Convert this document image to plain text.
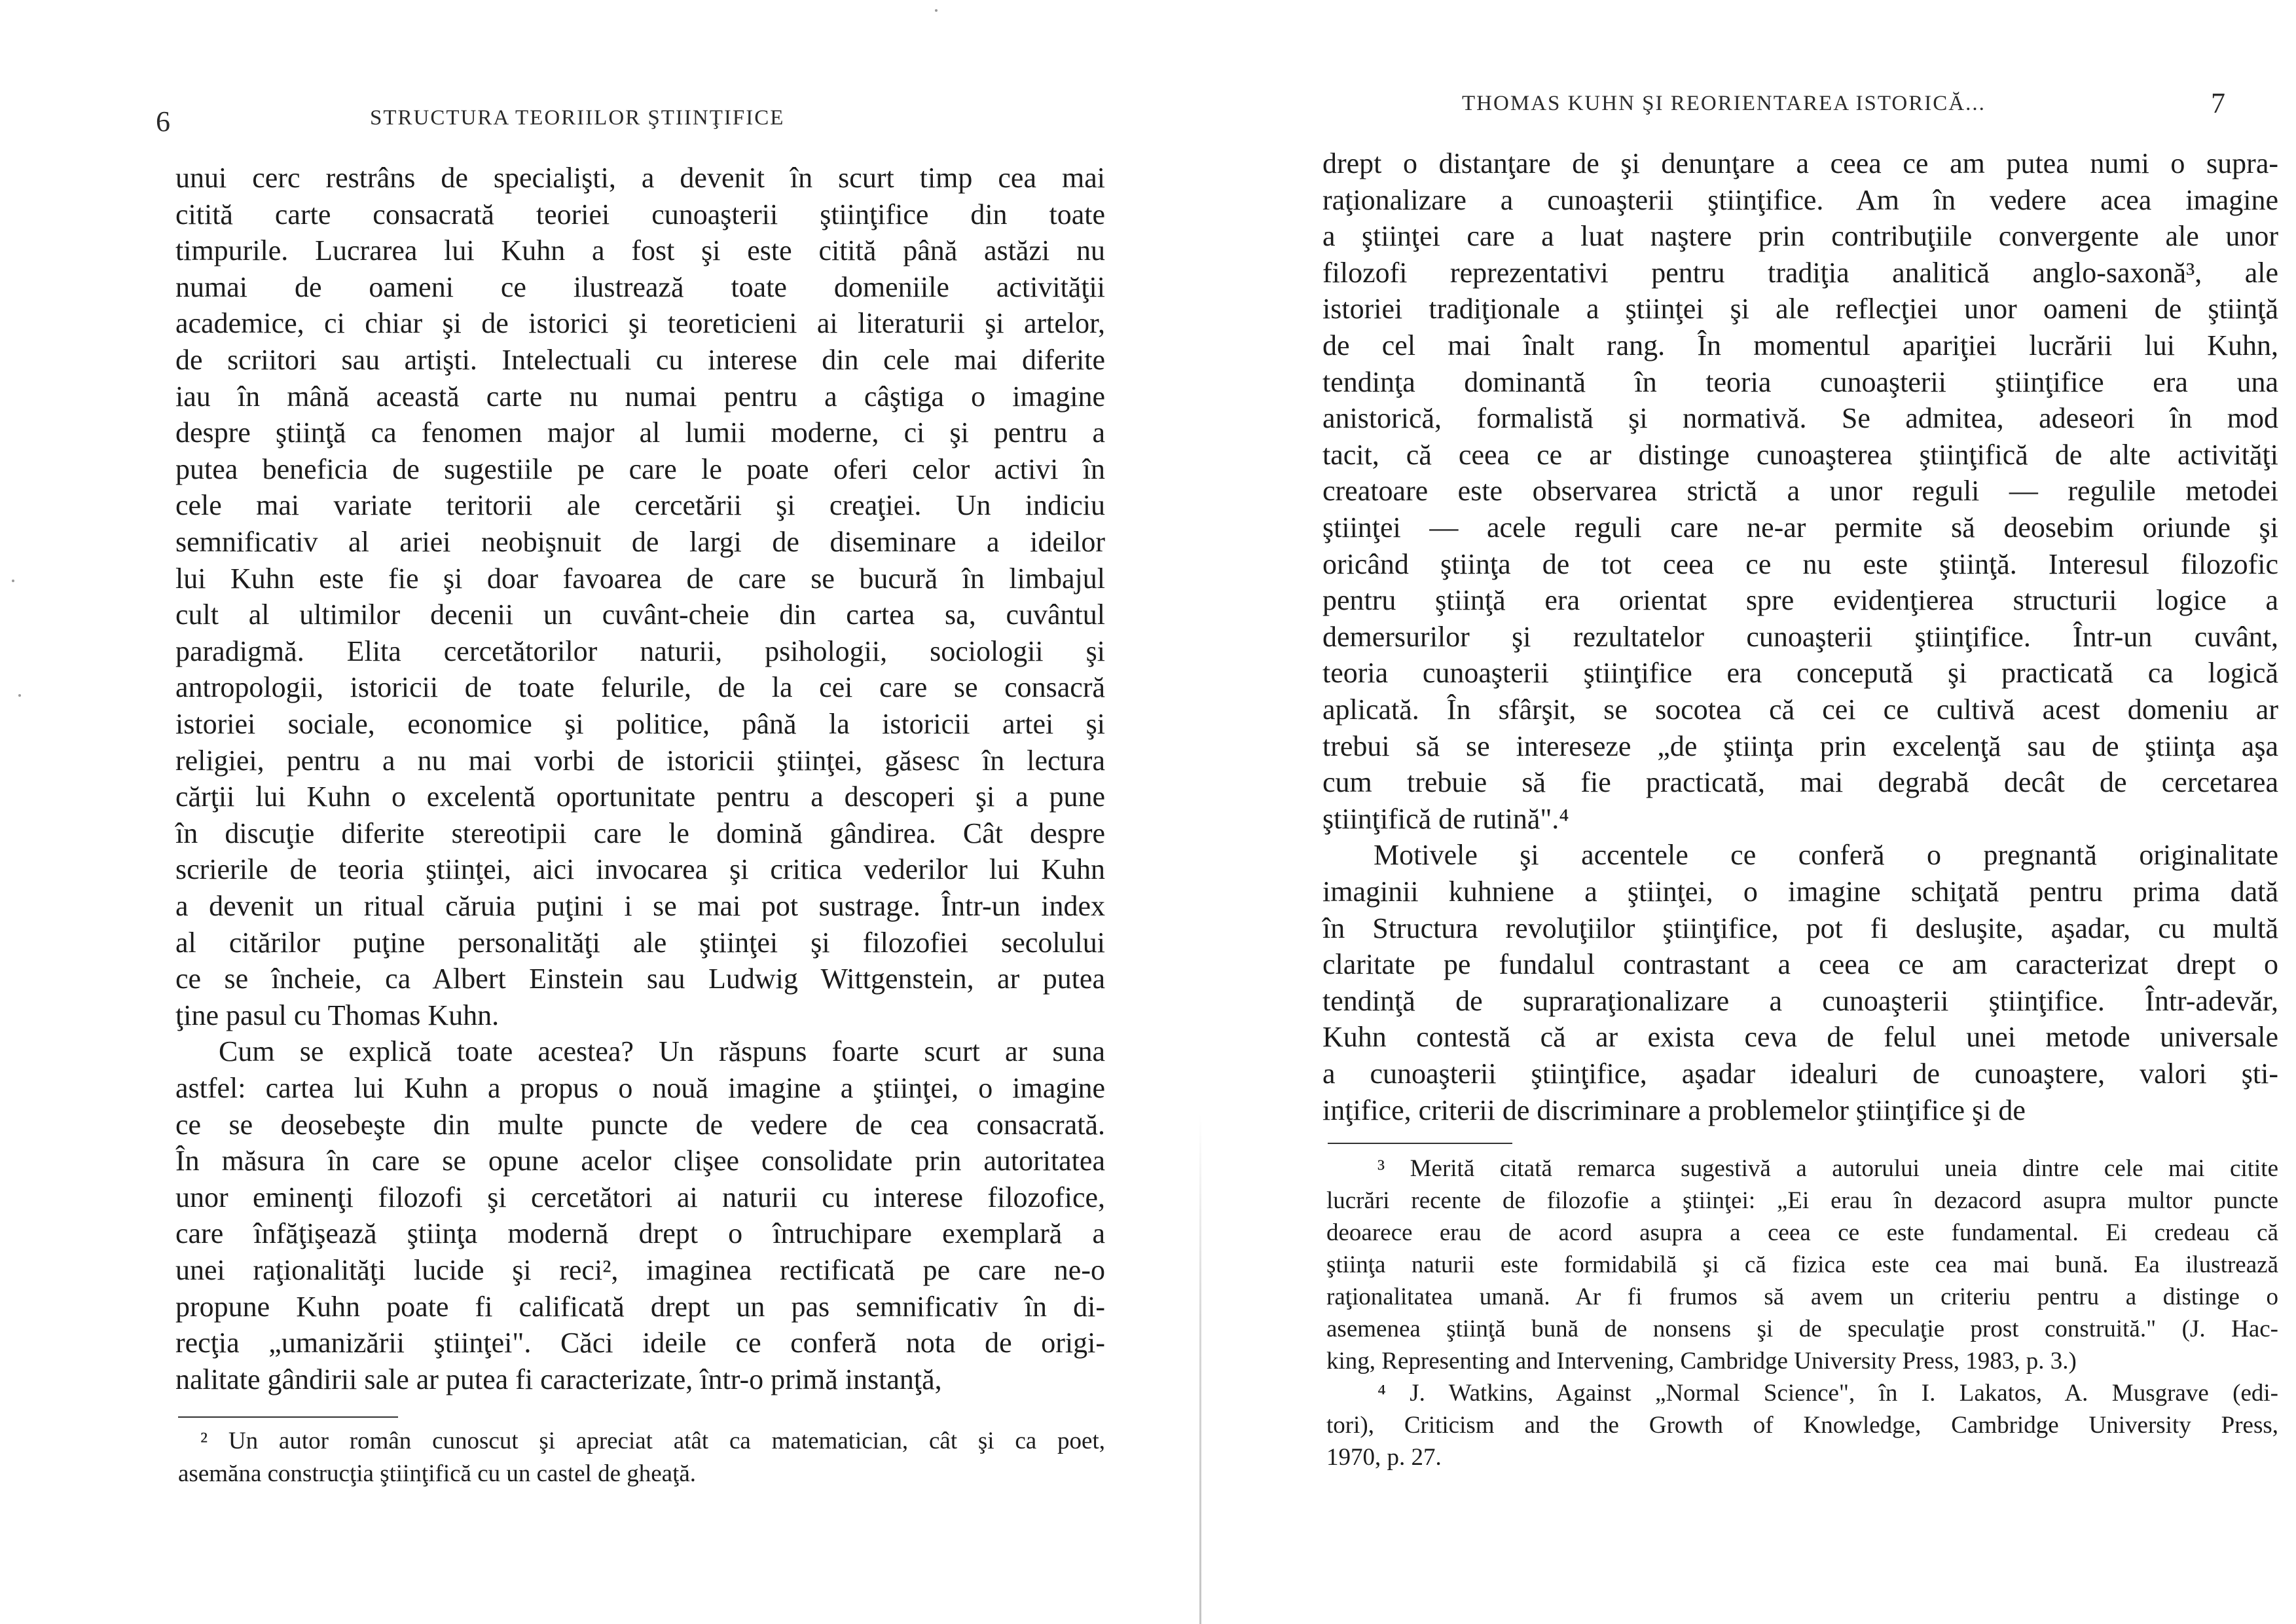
6	STRUCTURA TEORIILOR ŞTIINŢIFICE
unui cerc restrâns de specialişti, a devenit în scurt timp cea mai
citită carte consacrată teoriei cunoaşterii ştiinţifice din toate
timpurile. Lucrarea lui Kuhn a fost şi este citită până astăzi nu
numai de oameni ce ilustrează toate domeniile activităţii
academice, ci chiar şi de istorici şi teoreticieni ai literaturii şi artelor,
de scriitori sau artişti. Intelectuali cu interese din cele mai diferite
iau în mână această carte nu numai pentru a câştiga o imagine
despre ştiinţă ca fenomen major al lumii moderne, ci şi pentru a
putea beneficia de sugestiile pe care le poate oferi celor activi în
cele mai variate teritorii ale cercetării şi creaţiei. Un indiciu
semnificativ al ariei neobişnuit de largi de diseminare a ideilor
lui Kuhn este fie şi doar favoarea de care se bucură în limbajul
cult al ultimilor decenii un cuvânt-cheie din cartea sa, cuvântul
paradigmă. Elita cercetătorilor naturii, psihologii, sociologii şi
antropologii, istoricii de toate felurile, de la cei care se consacră
istoriei sociale, economice şi politice, până la istoricii artei şi
religiei, pentru a nu mai vorbi de istoricii ştiinţei, găsesc în lectura
cărţii lui Kuhn o excelentă oportunitate pentru a descoperi şi a pune
în discuţie diferite stereotipii care le domină gândirea. Cât despre
scrierile de teoria ştiinţei, aici invocarea şi critica vederilor lui Kuhn
a devenit un ritual căruia puţini i se mai pot sustrage. Într-un index
al citărilor puţine personalităţi ale ştiinţei şi filozofiei secolului
ce se încheie, ca Albert Einstein sau Ludwig Wittgenstein, ar putea
ţine pasul cu Thomas Kuhn.
Cum se explică toate acestea? Un răspuns foarte scurt ar suna
astfel: cartea lui Kuhn a propus o nouă imagine a ştiinţei, o imagine
ce se deosebeşte din multe puncte de vedere de cea consacrată.
În măsura în care se opune acelor clişee consolidate prin autoritatea
unor eminenţi filozofi şi cercetători ai naturii cu interese filozofice,
care înfăţişează ştiinţa modernă drept o întruchipare exemplară a
unei raţionalităţi lucide şi reci², imaginea rectificată pe care ne-o
propune Kuhn poate fi calificată drept un pas semnificativ în di-
recţia „umanizării ştiinţei". Căci ideile ce conferă nota de origi-
nalitate gândirii sale ar putea fi caracterizate, într-o primă instanţă,
² Un autor român cunoscut şi apreciat atât ca matematician, cât şi ca poet,
asemăna construcţia ştiinţifică cu un castel de gheaţă.
THOMAS KUHN ŞI REORIENTAREA ISTORICĂ...	7
drept o distanţare de şi denunţare a ceea ce am putea numi o supra-
raţionalizare a cunoaşterii ştiinţifice. Am în vedere acea imagine
a ştiinţei care a luat naştere prin contribuţiile convergente ale unor
filozofi reprezentativi pentru tradiţia analitică anglo-saxonă³, ale
istoriei tradiţionale a ştiinţei şi ale reflecţiei unor oameni de ştiinţă
de cel mai înalt rang. În momentul apariţiei lucrării lui Kuhn,
tendinţa dominantă în teoria cunoaşterii ştiinţifice era una
anistorică, formalistă şi normativă. Se admitea, adeseori în mod
tacit, că ceea ce ar distinge cunoaşterea ştiinţifică de alte activităţi
creatoare este observarea strictă a unor reguli — regulile metodei
ştiinţei — acele reguli care ne-ar permite să deosebim oriunde şi
oricând ştiinţa de tot ceea ce nu este ştiinţă. Interesul filozofic
pentru ştiinţă era orientat spre evidenţierea structurii logice a
demersurilor şi rezultatelor cunoaşterii ştiinţifice. Într-un cuvânt,
teoria cunoaşterii ştiinţifice era concepută şi practicată ca logică
aplicată. În sfârşit, se socotea că cei ce cultivă acest domeniu ar
trebui să se intereseze „de ştiinţa prin excelenţă sau de ştiinţa aşa
cum trebuie să fie practicată, mai degrabă decât de cercetarea
ştiinţifică de rutină".⁴
Motivele şi accentele ce conferă o pregnantă originalitate
imaginii kuhniene a ştiinţei, o imagine schiţată pentru prima dată
în Structura revoluţiilor ştiinţifice, pot fi desluşite, aşadar, cu multă
claritate pe fundalul contrastant a ceea ce am caracterizat drept o
tendinţă de supraraţionalizare a cunoaşterii ştiinţifice. Într-adevăr,
Kuhn contestă că ar exista ceva de felul unei metode universale
a cunoaşterii ştiinţifice, aşadar idealuri de cunoaştere, valori şti-
inţifice, criterii de discriminare a problemelor ştiinţifice şi de
³ Merită citată remarca sugestivă a autorului uneia dintre cele mai citite
lucrări recente de filozofie a ştiinţei: „Ei erau în dezacord asupra multor puncte
deoarece erau de acord asupra a ceea ce este fundamental. Ei credeau că
ştiinţa naturii este formidabilă şi că fizica este cea mai bună. Ea ilustrează
raţionalitatea umană. Ar fi frumos să avem un criteriu pentru a distinge o
asemenea ştiinţă bună de nonsens şi de speculaţie prost construită." (J. Hac-
king, Representing and Intervening, Cambridge University Press, 1983, p. 3.)
⁴ J. Watkins, Against „Normal Science", în I. Lakatos, A. Musgrave (edi-
tori), Criticism and the Growth of Knowledge, Cambridge University Press,
1970, p. 27.
